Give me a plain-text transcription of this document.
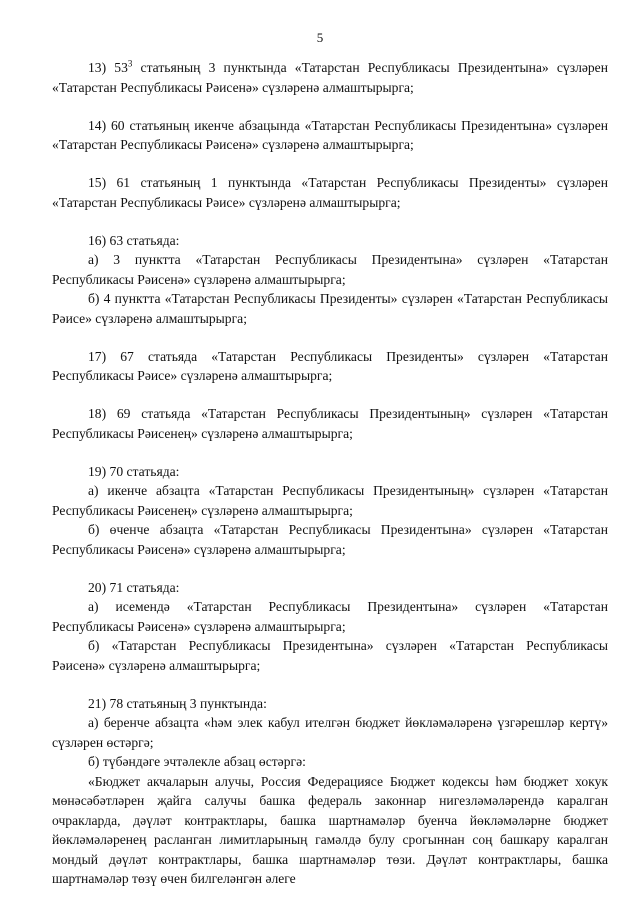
5

13) $53^3$ статьяның 3 пунктында «Татарстан Республикасы Президентына» сүзләрен «Татарстан Республикасы Рәисенә» сүзләренә алмаштырырга;

14) 60 статьяның икенче абзацында «Татарстан Республикасы Президентына» сүзләрен «Татарстан Республикасы Рәисенә» сүзләренә алмаштырырга;

15) 61 статьяның 1 пунктында «Татарстан Республикасы Президенты» сүзләрен «Татарстан Республикасы Рәисе» сүзләренә алмаштырырга;

16) 63 статьяда:

а) 3 пунктта «Татарстан Республикасы Президентына» сүзләрен «Татарстан Республикасы Рәисенә» сүзләренә алмаштырырга;

б) 4 пунктта «Татарстан Республикасы Президенты» сүзләрен «Татарстан Республикасы Рәисе» сүзләренә алмаштырырга;

17) 67 статьяда «Татарстан Республикасы Президенты» сүзләрен «Татарстан Республикасы Рәисе» сүзләренә алмаштырырга;

18) 69 статьяда «Татарстан Республикасы Президентының» сүзләрен «Татарстан Республикасы Рәисенең» сүзләренә алмаштырырга;

19) 70 статьяда:

а) икенче абзацта «Татарстан Республикасы Президентының» сүзләрен «Татарстан Республикасы Рәисенең» сүзләренә алмаштырырга;

б) өченче абзацта «Татарстан Республикасы Президентына» сүзләрен «Татарстан Республикасы Рәисенә» сүзләренә алмаштырырга;

20) 71 статьяда:

а) исемендә «Татарстан Республикасы Президентына» сүзләрен «Татарстан Республикасы Рәисенә» сүзләренә алмаштырырга;

б) «Татарстан Республикасы Президентына» сүзләрен «Татарстан Республикасы Рәисенә» сүзләренә алмаштырырга;

21) 78 статьяның 3 пунктында:

а) беренче абзацта «һәм элек кабул ителгән бюджет йөкләмәләренә үзгәрешләр кертү» сүзләрен өстәргә;

б) түбәндәге эчтәлекле абзац өстәргә:

«Бюджет акчаларын алучы, Россия Федерациясе Бюджет кодексы һәм бюджет хокук мөнәсәбәтләрен җайга салучы башка федераль законнар нигезләмәләрендә каралган очракларда, дәүләт контрактлары, башка шартнамәләр буенча йөкләмәләрне бюджет йөкләмәләренең расланган лимитларының гамәлдә булу срогыннан соң башкару каралган мондый дәүләт контрактлары, башка шартнамәләр төзи. Дәүләт контрактлары, башка шартнамәләр төзү өчен билгеләнгән әлеге
